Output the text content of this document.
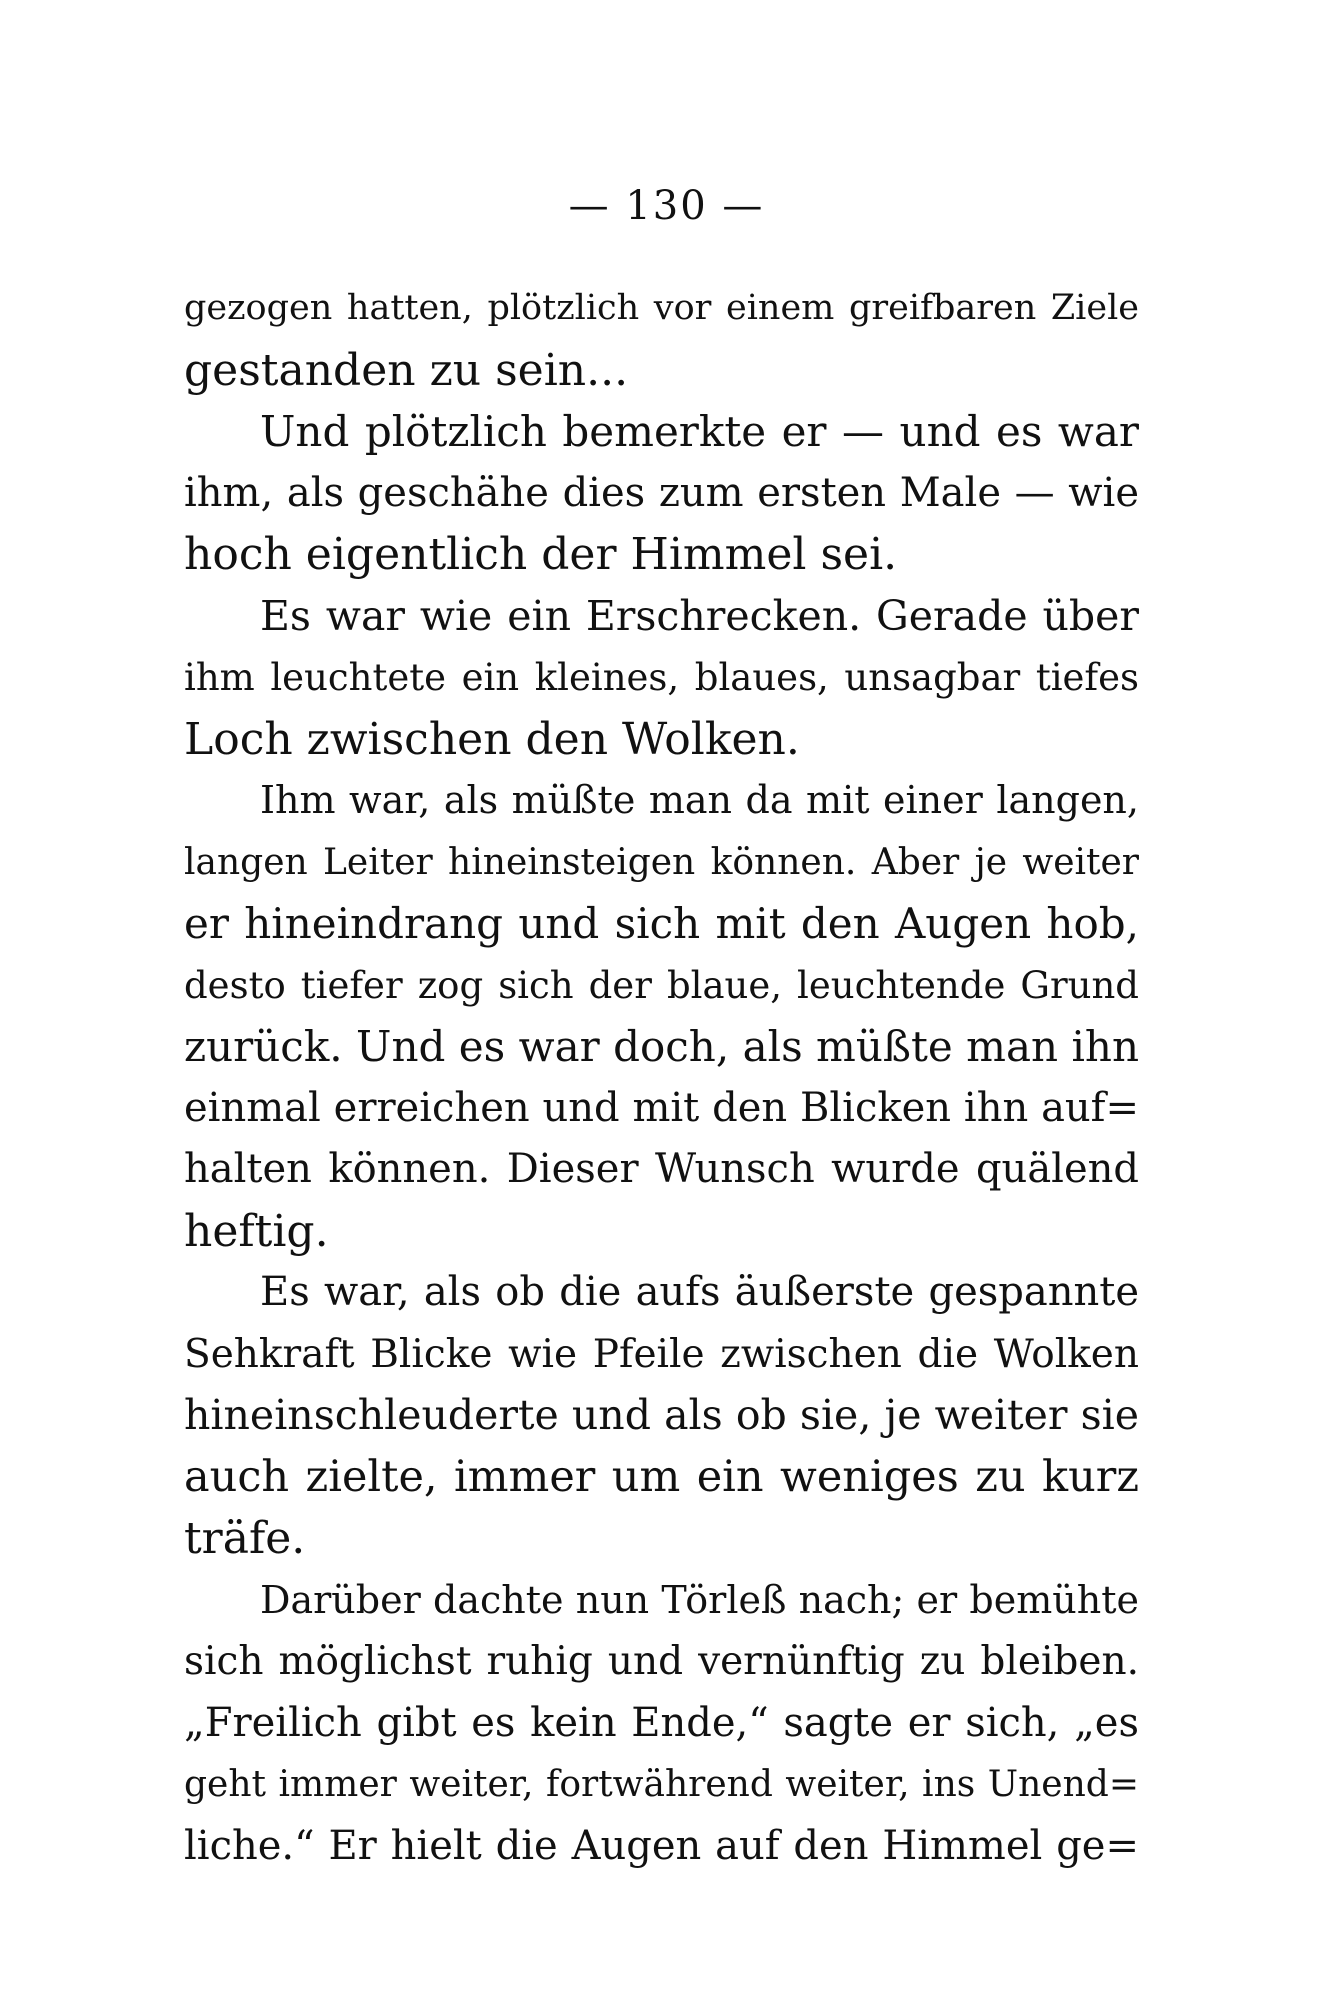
— 130 —
gezogen hatten, plötzlich vor einem greifbaren Ziele
gestanden zu sein...
Und plötzlich bemerkte er — und es war
ihm, als geschähe dies zum ersten Male — wie
hoch eigentlich der Himmel sei.
Es war wie ein Erschrecken. Gerade über
ihm leuchtete ein kleines, blaues, unsagbar tiefes
Loch zwischen den Wolken.
Ihm war, als müßte man da mit einer langen,
langen Leiter hineinsteigen können. Aber je weiter
er hineindrang und sich mit den Augen hob,
desto tiefer zog sich der blaue, leuchtende Grund
zurück. Und es war doch, als müßte man ihn
einmal erreichen und mit den Blicken ihn auf=
halten können. Dieser Wunsch wurde quälend
heftig.
Es war, als ob die aufs äußerste gespannte
Sehkraft Blicke wie Pfeile zwischen die Wolken
hineinschleuderte und als ob sie, je weiter sie
auch zielte, immer um ein weniges zu kurz
träfe.
Darüber dachte nun Törleß nach; er bemühte
sich möglichst ruhig und vernünftig zu bleiben.
„Freilich gibt es kein Ende,“ sagte er sich, „es
geht immer weiter, fortwährend weiter, ins Unend=
liche.“ Er hielt die Augen auf den Himmel ge=
